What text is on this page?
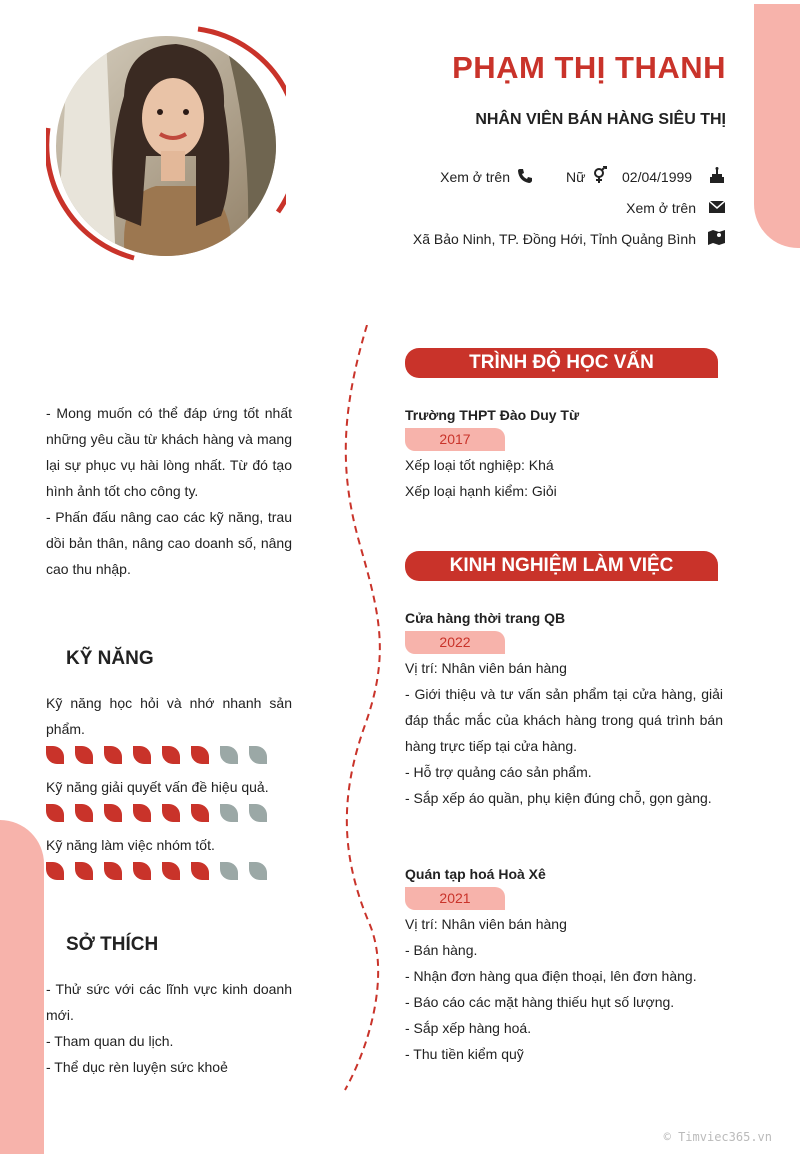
PHẠM THỊ THANH
NHÂN VIÊN BÁN HÀNG SIÊU THỊ
Xem ở trên	Nữ	02/04/1999
Xem ở trên
Xã Bảo Ninh, TP. Đồng Hới, Tỉnh Quảng Bình

- Mong muốn có thể đáp ứng tốt nhất những yêu cầu từ khách hàng và mang lại sự phục vụ hài lòng nhất. Từ đó tạo hình ảnh tốt cho công ty.

- Phấn đấu nâng cao các kỹ năng, trau dồi bản thân, nâng cao doanh số, nâng cao thu nhập.

KỸ NĂNG
Kỹ năng học hỏi và nhớ nhanh sản phẩm.
Kỹ năng giải quyết vấn đề hiệu quả.
Kỹ năng làm việc nhóm tốt.
SỞ THÍCH

- Thử sức với các lĩnh vực kinh doanh mới.

- Tham quan du lịch.

- Thể dục rèn luyện sức khoẻ

TRÌNH ĐỘ HỌC VẤN
Trường THPT Đào Duy Từ
2017

Xếp loại tốt nghiệp: Khá

Xếp loại hạnh kiểm: Giỏi

KINH NGHIỆM LÀM VIỆC
Cửa hàng thời trang QB
2022

Vị trí: Nhân viên bán hàng

- Giới thiệu và tư vấn sản phẩm tại cửa hàng, giải đáp thắc mắc của khách hàng trong quá trình bán hàng trực tiếp tại cửa hàng.

- Hỗ trợ quảng cáo sản phẩm.

- Sắp xếp áo quần, phụ kiện đúng chỗ, gọn gàng.

Quán tạp hoá Hoà Xê
2021

Vị trí: Nhân viên bán hàng

- Bán hàng.

- Nhận đơn hàng qua điện thoại, lên đơn hàng.

- Báo cáo các mặt hàng thiếu hụt số lượng.

- Sắp xếp hàng hoá.

- Thu tiền kiểm quỹ

© Timviec365.vn
